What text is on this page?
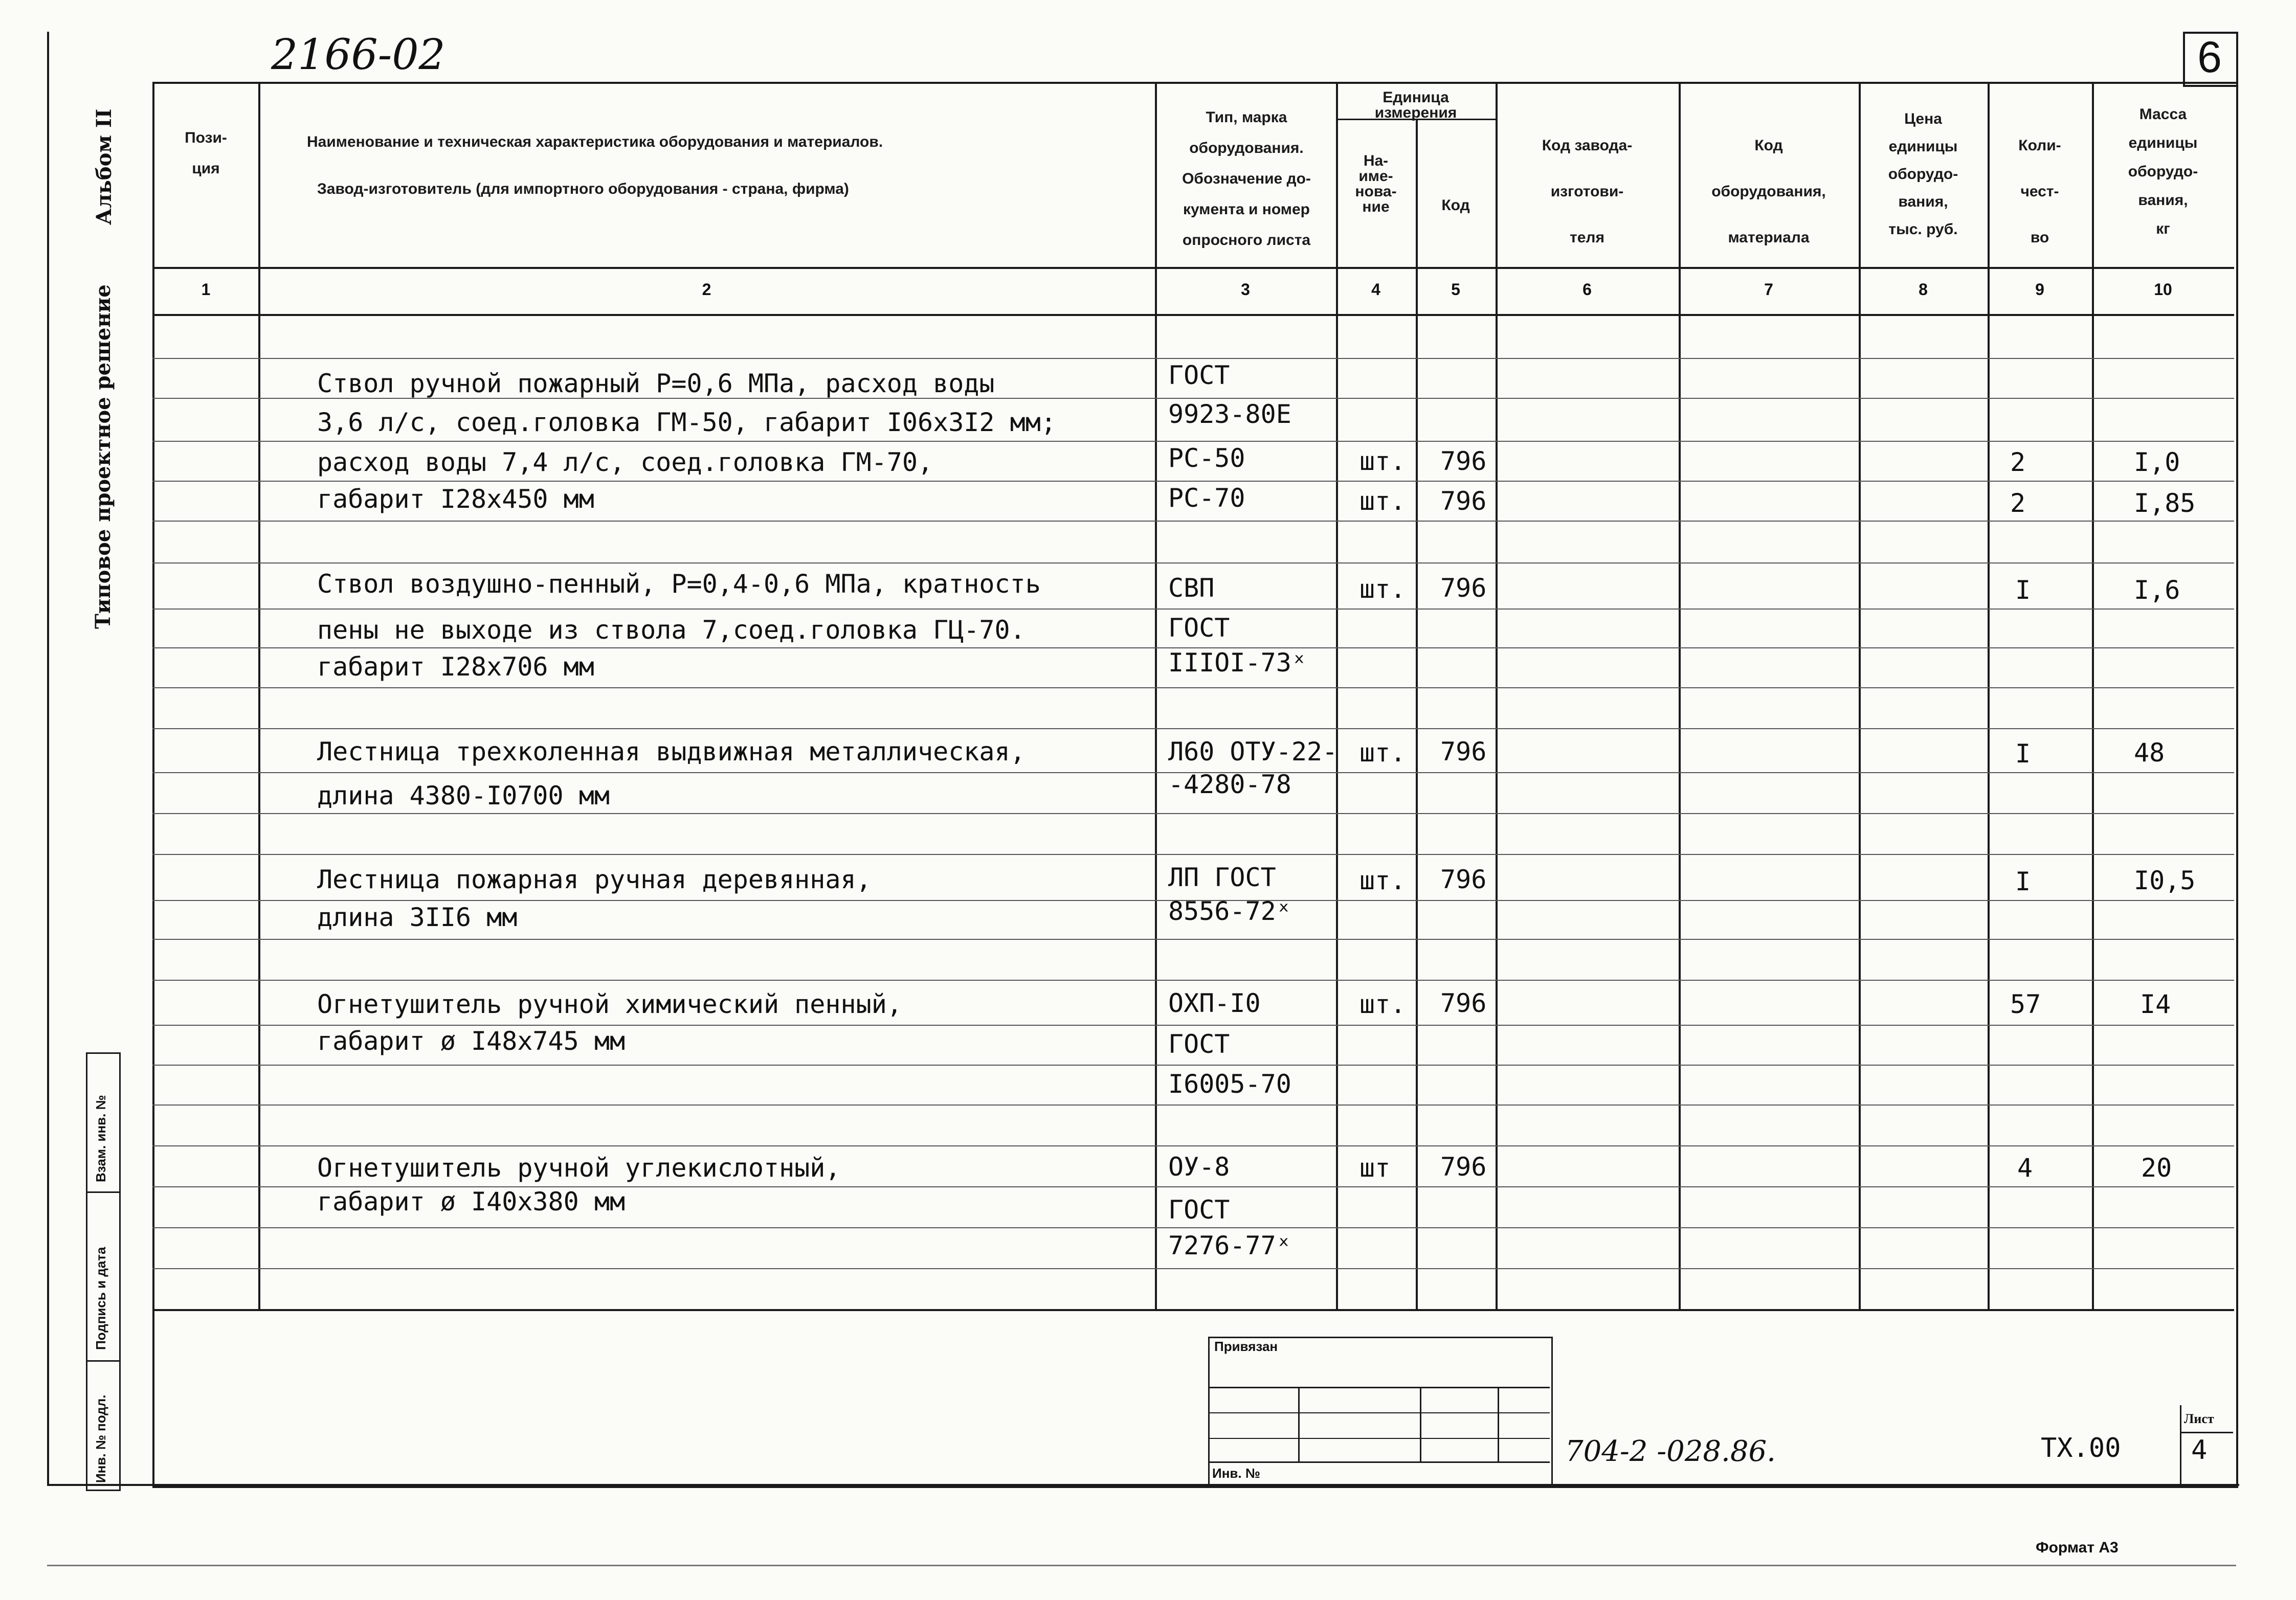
2166-02	6
Альбом II
Типовое проектное решение
Взам. инв. №
Подпись и дата
Инв. № подл.
Пози-
ция
Наименование и техническая характеристика оборудования и материалов.
Завод-изготовитель (для импортного оборудования - страна, фирма)
Тип, марка
оборудования.
Обозначение до-
кумента и номер
опросного листа
Единица
измерения
На-
име-
нова-
ние	Код
Код завода-
изготови-
теля
Код
оборудования,
материала
Цена
единицы
оборудо-
вания,
тыс. руб.
Коли-
чест-
во
Масса
единицы
оборудо-
вания,
кг
1	2	3	4	5	6	7	8	9	10
Ствол ручной пожарный Р=0,6 МПа, расход воды	ГОСТ
3,6 л/с, соед.головка ГМ-50, габарит I06x3I2 мм;	9923-80Е
расход воды 7,4 л/с, соед.головка ГМ-70,	РС-50	шт. 796	2	I,0
габарит I28x450 мм	РС-70	шт. 796	2	I,85
Ствол воздушно-пенный, Р=0,4-0,6 МПа, кратность	СВП	шт. 796	I	I,6
пены не выходе из ствола 7,соед.головка ГЦ-70.	ГОСТ
габарит I28x706 мм	IIIOI-73ˣ
Лестница трехколенная выдвижная металлическая,	Л60 ОТУ-22- шт. 796	I	48
длина 4380-I0700 мм	-4280-78
Лестница пожарная ручная деревянная,	ЛП ГОСТ	шт. 796	I	I0,5
длина 3II6 мм	8556-72ˣ
Огнетушитель ручной химический пенный,	ОХП-I0	шт. 796	57	I4
габарит ø I48x745 мм	ГОСТ
I6005-70
Огнетушитель ручной углекислотный,	ОУ-8	шт 796	4	20
габарит ø I40x380 мм	ГОСТ
7276-77ˣ
Привязан
Инв. №
704-2 -028.86.	ТХ.00
Лист
4
Формат А3
